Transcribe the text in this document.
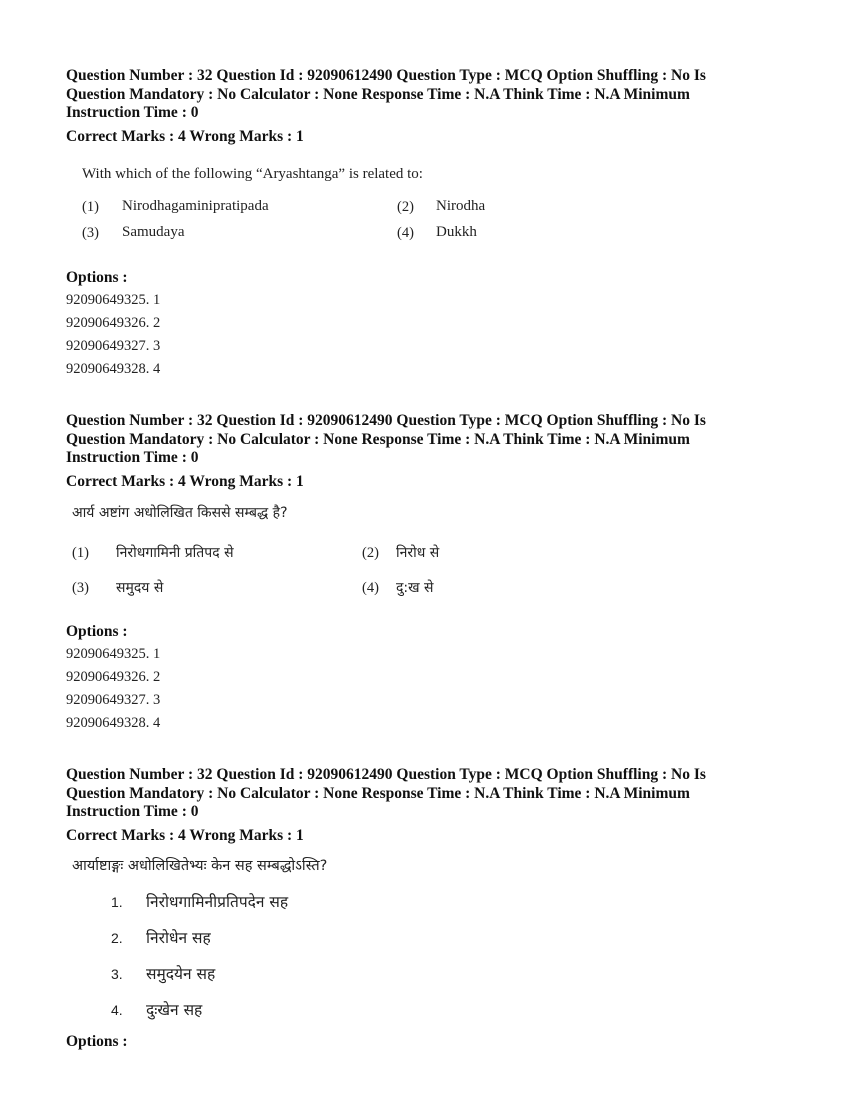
Question Number : 32 Question Id : 92090612490 Question Type : MCQ Option Shuffling : No Is
Question Mandatory : No Calculator : None Response Time : N.A Think Time : N.A Minimum
Instruction Time : 0
Correct Marks : 4 Wrong Marks : 1
With which of the following “Aryashtanga” is related to:
(1) Nirodhagaminipratipada	(2) Nirodha
(3) Samudaya	(4) Dukkh
Options :
92090649325. 1
92090649326. 2
92090649327. 3
92090649328. 4
Question Number : 32 Question Id : 92090612490 Question Type : MCQ Option Shuffling : No Is
Question Mandatory : No Calculator : None Response Time : N.A Think Time : N.A Minimum
Instruction Time : 0
Correct Marks : 4 Wrong Marks : 1
आर्य अष्टांग अधोलिखित किससे सम्बद्ध है?
(1) निरोधगामिनी प्रतिपद से	(2) निरोध से
(3) समुदय से	(4) दु:ख से
Options :
92090649325. 1
92090649326. 2
92090649327. 3
92090649328. 4
Question Number : 32 Question Id : 92090612490 Question Type : MCQ Option Shuffling : No Is
Question Mandatory : No Calculator : None Response Time : N.A Think Time : N.A Minimum
Instruction Time : 0
Correct Marks : 4 Wrong Marks : 1
आर्याष्टाङ्गः अधोलिखितेभ्यः केन सह सम्बद्धोऽस्ति?
1. निरोधगामिनीप्रतिपदेन सह
2. निरोधेन सह
3. समुदयेन सह
4. दुःखेन सह
Options :
